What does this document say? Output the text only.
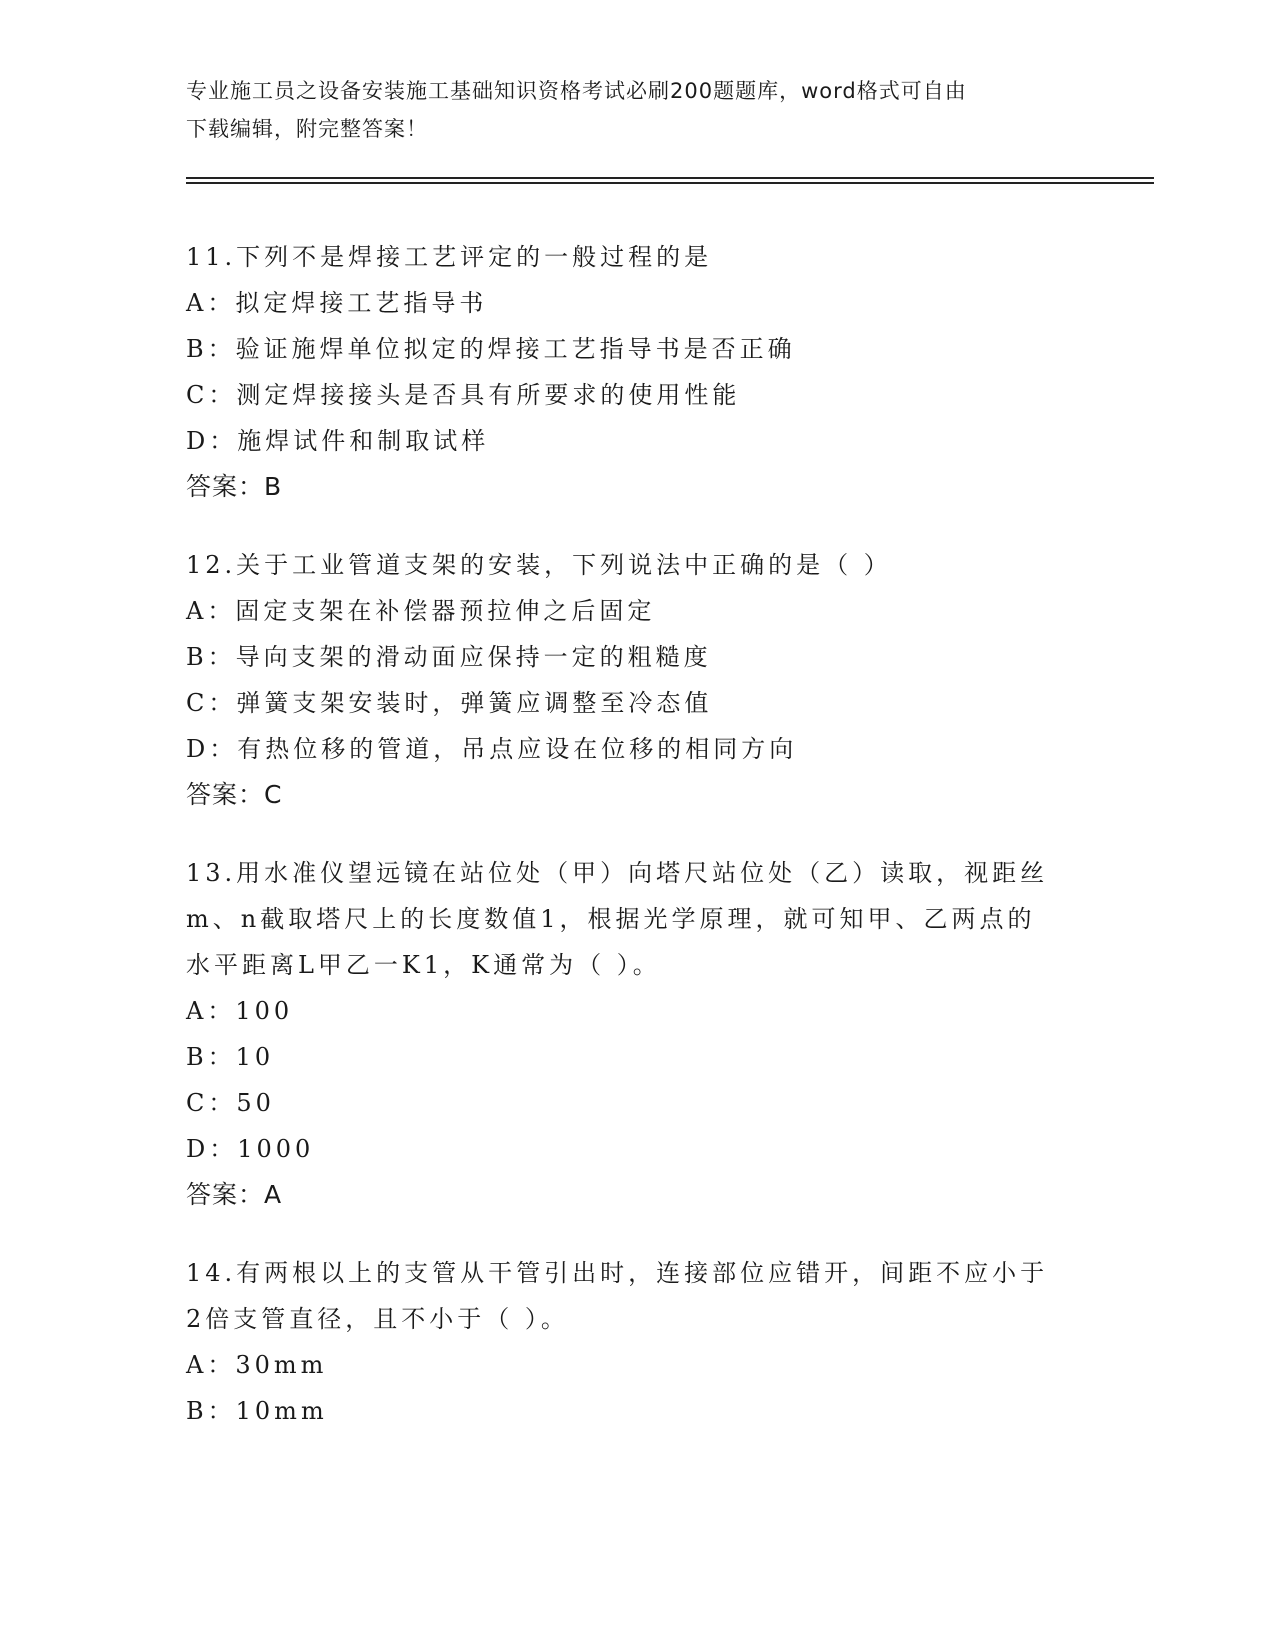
专业施工员之设备安装施工基础知识资格考试必刷200题题库，word格式可自由
下载编辑，附完整答案！
11.下列不是焊接工艺评定的一般过程的是
A：拟定焊接工艺指导书
B：验证施焊单位拟定的焊接工艺指导书是否正确
C：测定焊接接头是否具有所要求的使用性能
D：施焊试件和制取试样
答案：B
12.关于工业管道支架的安装，下列说法中正确的是（ ）
A：固定支架在补偿器预拉伸之后固定
B：导向支架的滑动面应保持一定的粗糙度
C：弹簧支架安装时，弹簧应调整至冷态值
D：有热位移的管道，吊点应设在位移的相同方向
答案：C
13.用水准仪望远镜在站位处（甲）向塔尺站位处（乙）读取，视距丝
m、n截取塔尺上的长度数值1，根据光学原理，就可知甲、乙两点的
水平距离L甲乙一K1，K通常为（ ）。
A：100
B：10
C：50
D：1000
答案：A
14.有两根以上的支管从干管引出时，连接部位应错开，间距不应小于
2倍支管直径，且不小于（ ）。
A：30mm
B：10mm
